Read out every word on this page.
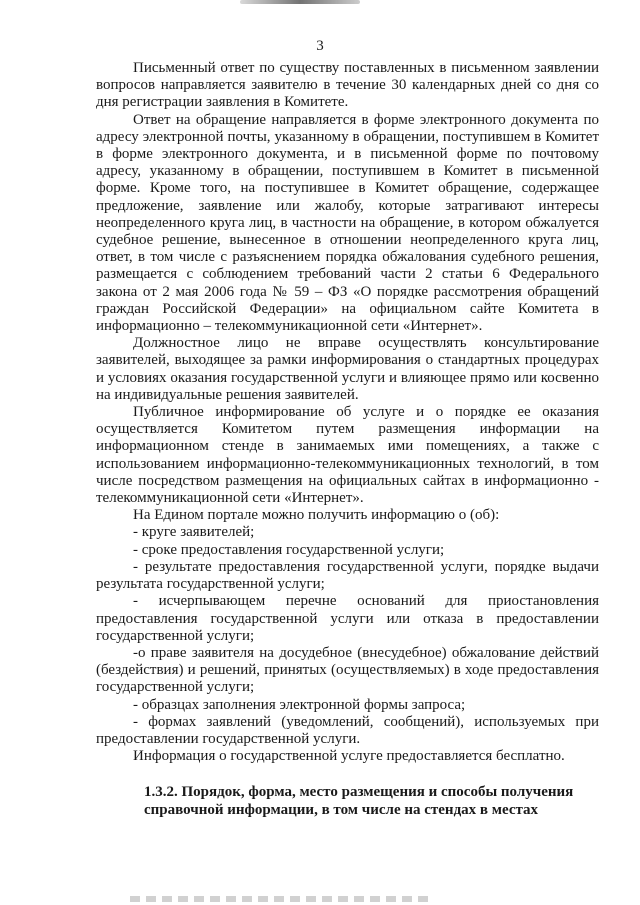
3

Письменный ответ по существу поставленных в письменном заявлении вопросов направляется заявителю в течение 30 календарных дней со дня со дня регистрации заявления в Комитете.

Ответ на обращение направляется в форме электронного документа по адресу электронной почты, указанному в обращении, поступившем в Комитет в форме электронного документа, и в письменной форме по почтовому адресу, указанному в обращении, поступившем в Комитет в письменной форме. Кроме того, на поступившее в Комитет обращение, содержащее предложение, заявление или жалобу, которые затрагивают интересы неопределенного круга лиц, в частности на обращение, в котором обжалуется судебное решение, вынесенное в отношении неопределенного круга лиц, ответ, в том числе с разъяснением порядка обжалования судебного решения, размещается с соблюдением требований части 2 статьи 6 Федерального закона от 2 мая 2006 года № 59 – ФЗ «О порядке рассмотрения обращений граждан Российской Федерации» на официальном сайте Комитета в информационно – телекоммуникационной сети «Интернет».

Должностное лицо не вправе осуществлять консультирование заявителей, выходящее за рамки информирования о стандартных процедурах и условиях оказания государственной услуги и влияющее прямо или косвенно на индивидуальные решения заявителей.

Публичное информирование об услуге и о порядке ее оказания осуществляется Комитетом путем размещения информации на информационном стенде в занимаемых ими помещениях, а также с использованием информационно-телекоммуникационных технологий, в том числе посредством размещения на официальных сайтах в информационно - телекоммуникационной сети «Интернет».

На Едином портале можно получить информацию о (об):

- круге заявителей;

- сроке предоставления государственной услуги;

- результате предоставления государственной услуги, порядке выдачи результата государственной услуги;

- исчерпывающем перечне оснований для приостановления предоставления государственной услуги или отказа в предоставлении государственной услуги;

-о праве заявителя на досудебное (внесудебное) обжалование действий (бездействия) и решений, принятых (осуществляемых) в ходе предоставления государственной услуги;

- образцах заполнения электронной формы запроса;

- формах заявлений (уведомлений, сообщений), используемых при предоставлении государственной услуги.

Информация о государственной услуге предоставляется бесплатно.

1.3.2. Порядок, форма, место размещения и способы получения справочной информации, в том числе на стендах в местах
